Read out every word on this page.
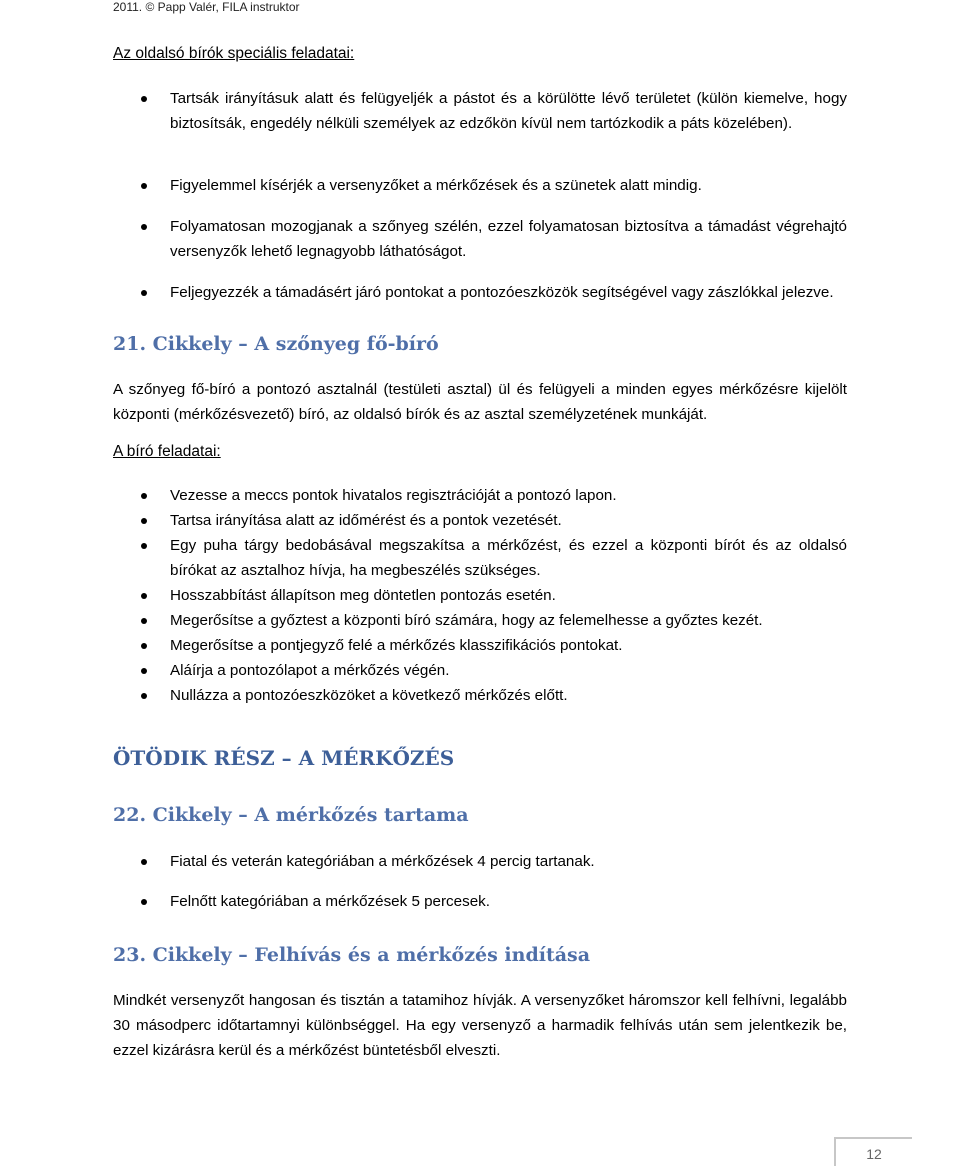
2011. © Papp Valér, FILA instruktor
Az oldalsó bírók speciális feladatai:
Tartsák irányításuk alatt és felügyeljék a pástot és a körülötte lévő területet (külön kiemelve, hogy biztosítsák, engedély nélküli személyek az edzőkön kívül nem tartózkodik a páts közelében).
Figyelemmel kísérjék a versenyzőket a mérkőzések és a szünetek alatt mindig.
Folyamatosan mozogjanak a szőnyeg szélén, ezzel folyamatosan biztosítva a támadást végrehajtó versenyzők lehető legnagyobb láthatóságot.
Feljegyezzék a támadásért járó pontokat a pontozóeszközök segítségével vagy zászlókkal jelezve.
21. Cikkely – A szőnyeg fő-bíró
A szőnyeg fő-bíró a pontozó asztalnál (testületi asztal) ül és felügyeli a minden egyes mérkőzésre kijelölt központi (mérkőzésvezető) bíró, az oldalsó bírók és az asztal személyzetének munkáját.
A bíró feladatai:
Vezesse a meccs pontok hivatalos regisztrációját a pontozó lapon.
Tartsa irányítása alatt az időmérést és a pontok vezetését.
Egy puha tárgy bedobásával megszakítsa a mérkőzést, és ezzel a központi bírót és az oldalsó bírókat az asztalhoz hívja, ha megbeszélés szükséges.
Hosszabbítást állapítson meg döntetlen pontozás esetén.
Megerősítse a győztest a központi bíró számára, hogy az felemelhesse a győztes kezét.
Megerősítse a pontjegyző felé a mérkőzés klasszifikációs pontokat.
Aláírja a pontozólapot a mérkőzés végén.
Nullázza a pontozóeszközöket a következő mérkőzés előtt.
ÖTÖDIK RÉSZ – A MÉRKŐZÉS
22. Cikkely – A mérkőzés tartama
Fiatal és veterán kategóriában a mérkőzések 4 percig tartanak.
Felnőtt kategóriában a mérkőzések 5 percesek.
23. Cikkely – Felhívás és a mérkőzés indítása
Mindkét versenyzőt hangosan és tisztán a tatamihoz hívják. A versenyzőket háromszor kell felhívni, legalább 30 másodperc időtartamnyi különbséggel. Ha egy versenyző a harmadik felhívás után sem jelentkezik be, ezzel kizárásra kerül és a mérkőzést büntetésből elveszti.
12
